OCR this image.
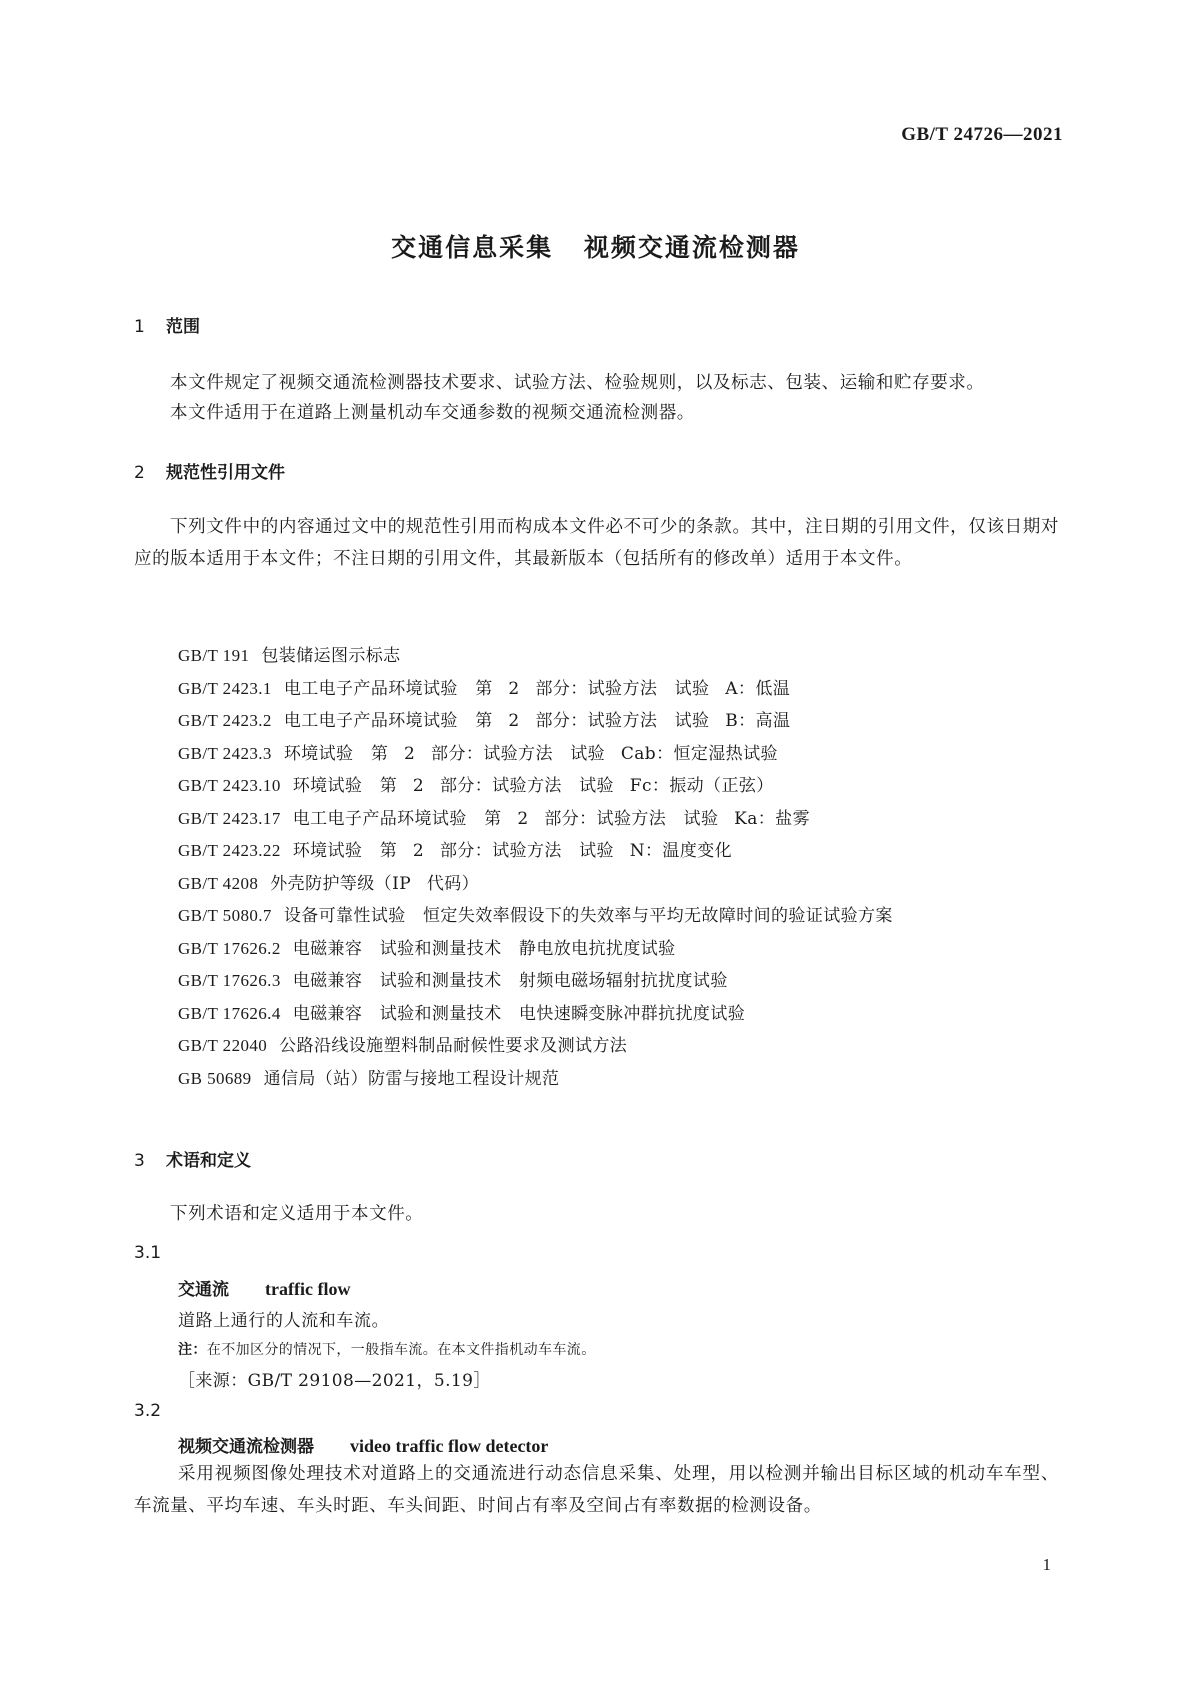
GB/T 24726—2021
交通信息采集 视频交通流检测器
1 范围
本文件规定了视频交通流检测器技术要求、试验方法、检验规则，以及标志、包装、运输和贮存要求。
本文件适用于在道路上测量机动车交通参数的视频交通流检测器。
2 规范性引用文件
下列文件中的内容通过文中的规范性引用而构成本文件必不可少的条款。其中，注日期的引用文件，仅该日期对应的版本适用于本文件；不注日期的引用文件，其最新版本（包括所有的修改单）适用于本文件。
GB/T 191 包装储运图示标志
GB/T 2423.1 电工电子产品环境试验　第 2 部分：试验方法　试验 A：低温
GB/T 2423.2 电工电子产品环境试验　第 2 部分：试验方法　试验 B：高温
GB/T 2423.3 环境试验　第 2 部分：试验方法　试验 Cab：恒定湿热试验
GB/T 2423.10 环境试验　第 2 部分：试验方法　试验 Fc：振动（正弦）
GB/T 2423.17 电工电子产品环境试验　第 2 部分：试验方法　试验 Ka：盐雾
GB/T 2423.22 环境试验　第 2 部分：试验方法　试验 N：温度变化
GB/T 4208 外壳防护等级（IP 代码）
GB/T 5080.7 设备可靠性试验　恒定失效率假设下的失效率与平均无故障时间的验证试验方案
GB/T 17626.2 电磁兼容　试验和测量技术　静电放电抗扰度试验
GB/T 17626.3 电磁兼容　试验和测量技术　射频电磁场辐射抗扰度试验
GB/T 17626.4 电磁兼容　试验和测量技术　电快速瞬变脉冲群抗扰度试验
GB/T 22040 公路沿线设施塑料制品耐候性要求及测试方法
GB 50689 通信局（站）防雷与接地工程设计规范
3 术语和定义
下列术语和定义适用于本文件。
3.1
交通流 traffic flow
道路上通行的人流和车流。
注：在不加区分的情况下，一般指车流。在本文件指机动车车流。
［来源：GB/T 29108—2021，5.19］
3.2
视频交通流检测器 video traffic flow detector
采用视频图像处理技术对道路上的交通流进行动态信息采集、处理，用以检测并输出目标区域的机动车车型、车流量、平均车速、车头时距、车头间距、时间占有率及空间占有率数据的检测设备。
1
